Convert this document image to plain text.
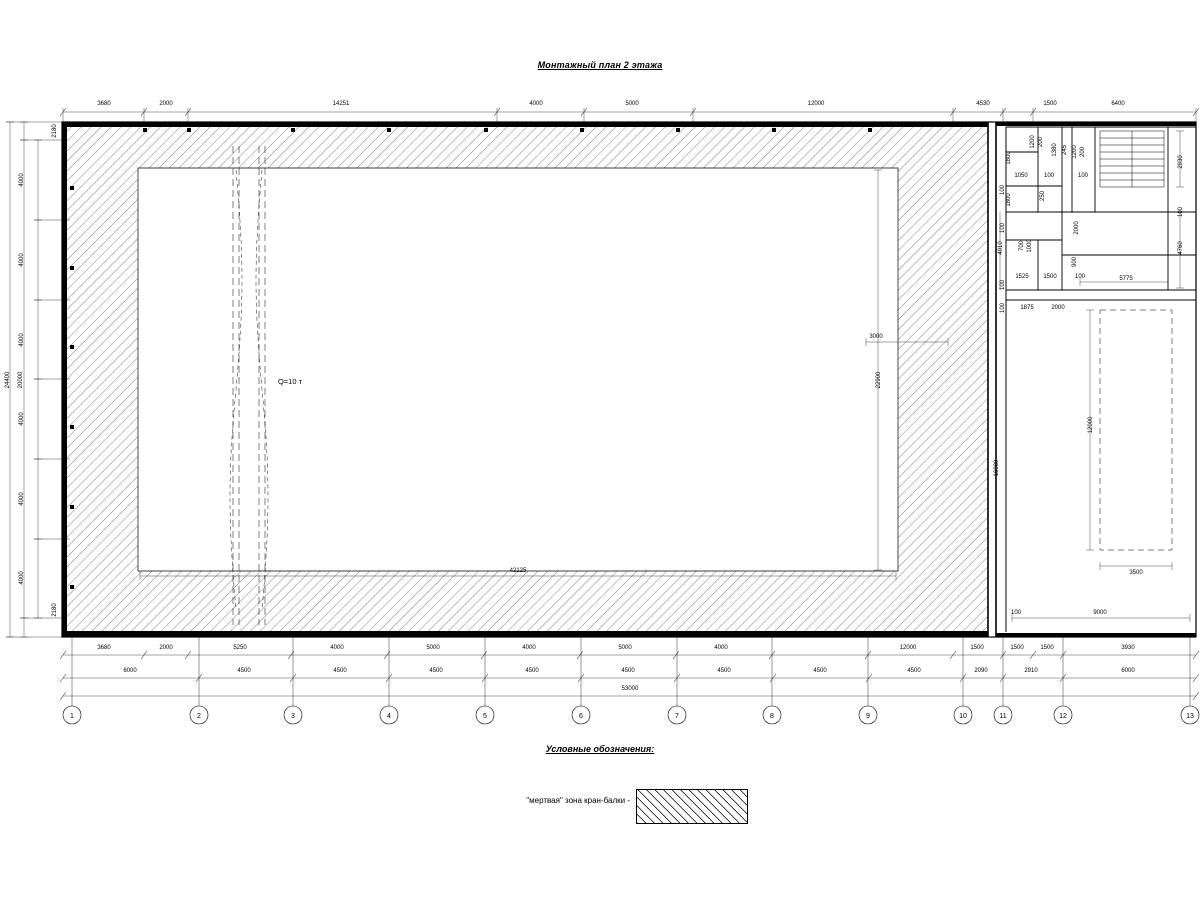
Монтажный план 2 этажа
1	2	3	4	5	6	7	8	9	10	11	12	13
3680	2000	14251	4000	5000	12000	4530	1500	6400
4000
4000
4000
4000
4000
4000
2180
2180
20000
24400	Q=10 т
42125
3000
22900
16980
4010
12000
3500
9000
5775
4760
2930
1050	100
1800
100
1800
100
700 1000
250
1525 1500	100
1875	2000
100
100
1200 200
1380 245 1200 200
2000
900
100
100
100
3680	2000	5250	4000	5000	4000	5000	4000	12000	1500	1500	1500	3930
6000	4500	4500	4500	4500	4500	4500	4500	4500	2090	2910	6000
53000
Условные обозначения:
"мертвая" зона кран-балки -
